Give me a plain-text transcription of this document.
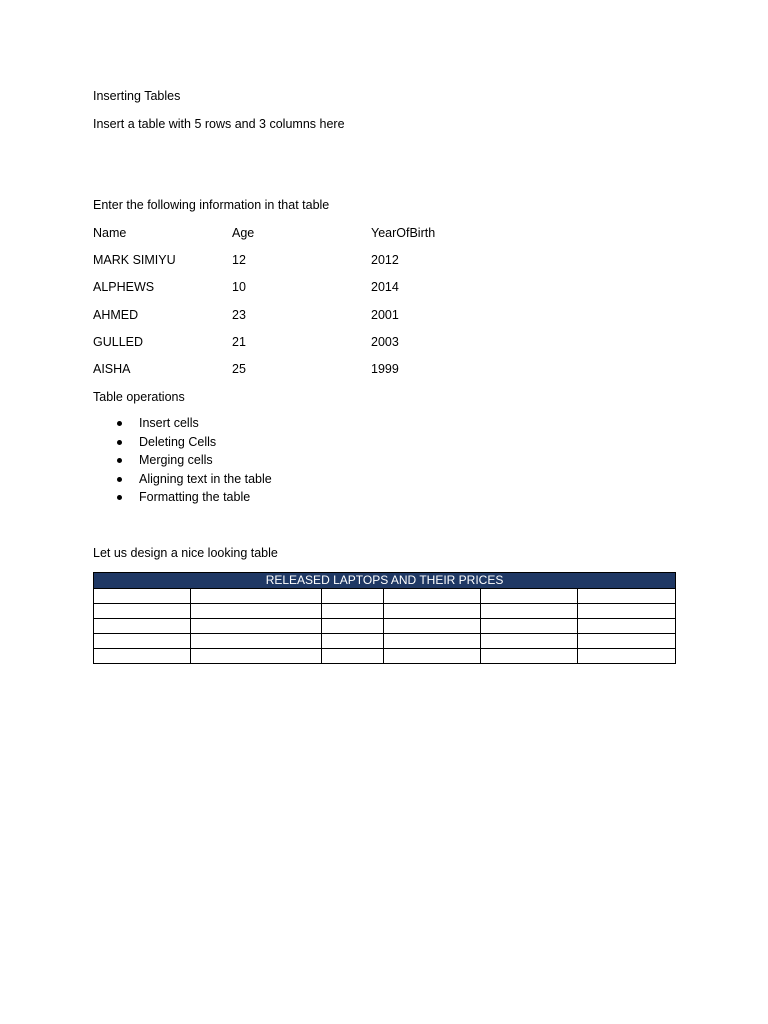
Inserting Tables
Insert a table with 5 rows and 3 columns here
Enter the following information in that table
Name	Age	YearOfBirth
MARK SIMIYU	12	2012
ALPHEWS	10	2014
AHMED	23	2001
GULLED	21	2003
AISHA	25	1999
Table operations
Insert cells
Deleting Cells
Merging cells
Aligning text in the table
Formatting the table
Let us design a nice looking table
RELEASED LAPTOPS AND THEIR PRICES					
